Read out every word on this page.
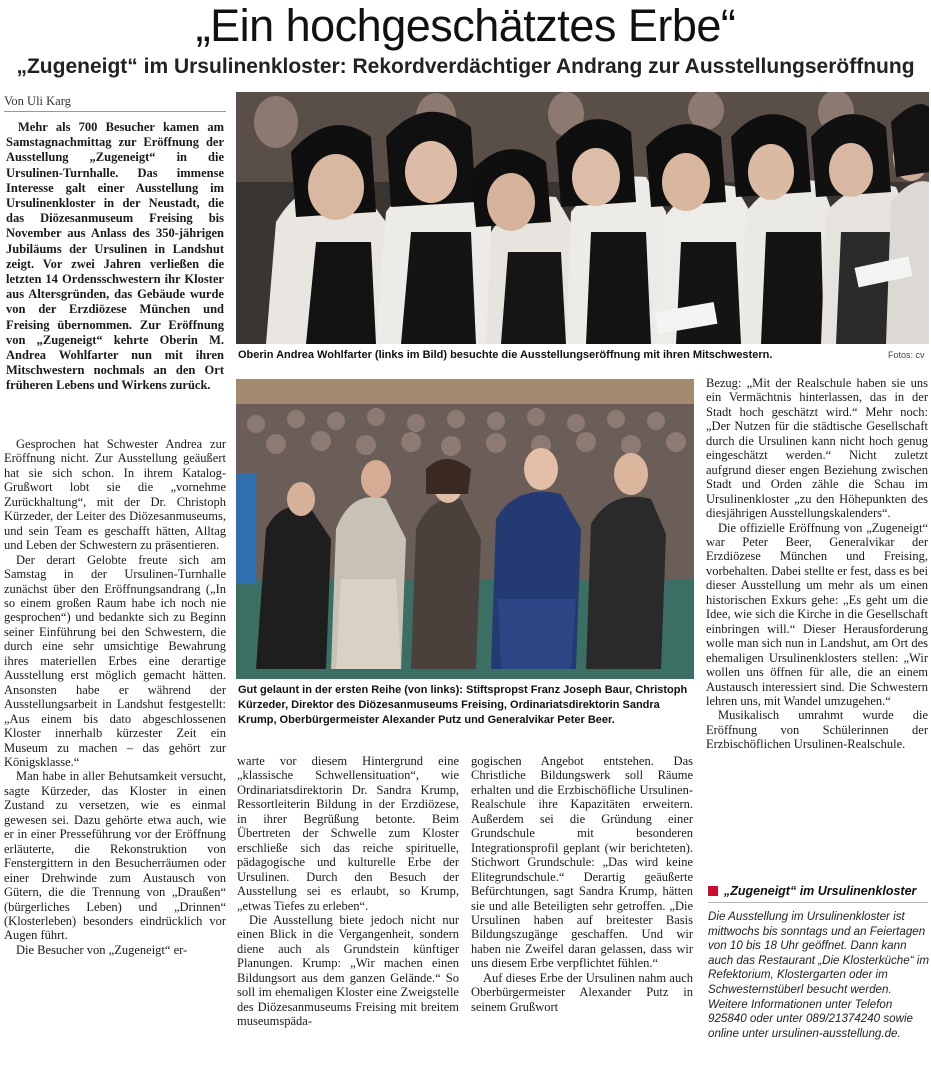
„Ein hochgeschätztes Erbe“
„Zugeneigt“ im Ursulinenkloster: Rekordverdächtiger Andrang zur Ausstellungseröffnung
Von Uli Karg
Mehr als 700 Besucher kamen am Samstagnachmittag zur Eröffnung der Ausstellung „Zugeneigt“ in die Ursulinen-Turnhalle. Das immense Interesse galt einer Ausstellung im Ursulinenkloster in der Neustadt, die das Diözesanmuseum Freising bis November aus Anlass des 350-jährigen Jubiläums der Ursulinen in Landshut zeigt. Vor zwei Jahren verließen die letzten 14 Ordensschwestern ihr Kloster aus Altersgründen, das Gebäude wurde von der Erzdiözese München und Freising übernommen. Zur Eröffnung von „Zugeneigt“ kehrte Oberin M. Andrea Wohlfarter nun mit ihren Mitschwestern nochmals an den Ort früheren Lebens und Wirkens zurück.
Oberin Andrea Wohlfarter (links im Bild) besuchte die Ausstellungseröffnung mit ihren Mitschwestern.	Fotos: cv
Gut gelaunt in der ersten Reihe (von links): Stiftspropst Franz Joseph Baur, Christoph Kürzeder, Direktor des Diözesanmuseums Freising, Ordinariatsdirektorin Sandra Krump, Oberbürgermeister Alexander Putz und Generalvikar Peter Beer.

Gesprochen hat Schwester Andrea zur Eröffnung nicht. Zur Ausstellung geäußert hat sie sich schon. In ihrem Katalog-Grußwort lobt sie die „vornehme Zurückhaltung“, mit der Dr. Christoph Kürzeder, der Leiter des Diözesanmuseums, und sein Team es geschafft hätten, Alltag und Leben der Schwestern zu präsentieren.

Der derart Gelobte freute sich am Samstag in der Ursulinen-Turnhalle zunächst über den Eröffnungsandrang („In so einem großen Raum habe ich noch nie gesprochen“) und bedankte sich zu Beginn seiner Einführung bei den Schwestern, die durch eine sehr umsichtige Bewahrung ihres materiellen Erbes eine derartige Ausstellung erst möglich gemacht hätten. Ansonsten habe er während der Ausstellungsarbeit in Landshut festgestellt: „Aus einem bis dato abgeschlossenen Kloster innerhalb kürzester Zeit ein Museum zu machen – das gehört zur Königsklasse.“

Man habe in aller Behutsamkeit versucht, sagte Kürzeder, das Kloster in einen Zustand zu versetzen, wie es einmal gewesen sei. Dazu gehörte etwa auch, wie er in einer Presseführung vor der Eröffnung erläuterte, die Rekonstruktion von Fenstergittern in den Besucherräumen oder einer Drehwinde zum Austausch von Gütern, die die Trennung von „Draußen“ (bürgerliches Leben) und „Drinnen“ (Klosterleben) besonders eindrücklich vor Augen führt.

Die Besucher von „Zugeneigt“ er-

warte vor diesem Hintergrund eine „klassische Schwellensituation“, wie Ordinariatsdirektorin Dr. Sandra Krump, Ressortleiterin Bildung in der Erzdiözese, in ihrer Begrüßung betonte. Beim Übertreten der Schwelle zum Kloster erschließe sich das reiche spirituelle, pädagogische und kulturelle Erbe der Ursulinen. Durch den Besuch der Ausstellung sei es erlaubt, so Krump, „etwas Tiefes zu erleben“.

Die Ausstellung biete jedoch nicht nur einen Blick in die Vergangenheit, sondern diene auch als Grundstein künftiger Planungen. Krump: „Wir machen einen Bildungsort aus dem ganzen Gelände.“ So soll im ehemaligen Kloster eine Zweigstelle des Diözesanmuseums Freising mit breitem museumspäda-

gogischen Angebot entstehen. Das Christliche Bildungswerk soll Räume erhalten und die Erzbischöfliche Ursulinen-Realschule ihre Kapazitäten erweitern. Außerdem sei die Gründung einer Grundschule mit besonderen Integrationsprofil geplant (wir berichteten). Stichwort Grundschule: „Das wird keine Elitegrundschule.“ Derartig geäußerte Befürchtungen, sagt Sandra Krump, hätten sie und alle Beteiligten sehr getroffen. „Die Ursulinen haben auf breitester Basis Bildungszugänge geschaffen. Und wir haben nie Zweifel daran gelassen, dass wir uns diesem Erbe verpflichtet fühlen.“

Auf dieses Erbe der Ursulinen nahm auch Oberbürgermeister Alexander Putz in seinem Grußwort

Bezug: „Mit der Realschule haben sie uns ein Vermächtnis hinterlassen, das in der Stadt hoch geschätzt wird.“ Mehr noch: „Der Nutzen für die städtische Gesellschaft durch die Ursulinen kann nicht hoch genug eingeschätzt werden.“ Nicht zuletzt aufgrund dieser engen Beziehung zwischen Stadt und Orden zähle die Schau im Ursulinenkloster „zu den Höhepunkten des diesjährigen Ausstellungskalenders“.

Die offizielle Eröffnung von „Zugeneigt“ war Peter Beer, Generalvikar der Erzdiözese München und Freising, vorbehalten. Dabei stellte er fest, dass es bei dieser Ausstellung um mehr als um einen historischen Exkurs gehe: „Es geht um die Idee, wie sich die Kirche in die Gesellschaft einbringen will.“ Dieser Herausforderung wolle man sich nun in Landshut, am Ort des ehemaligen Ursulinenklosters stellen: „Wir wollen uns öffnen für alle, die an einem Austausch interessiert sind. Die Schwestern lehren uns, mit Wandel umzugehen.“

Musikalisch umrahmt wurde die Eröffnung von Schülerinnen der Erzbischöflichen Ursulinen-Realschule.

„Zugeneigt“ im Ursulinenkloster
Die Ausstellung im Ursulinenkloster ist mittwochs bis sonntags und an Feiertagen von 10 bis 18 Uhr geöffnet. Dann kann auch das Restaurant „Die Klosterküche“ im Refektorium, Klostergarten oder im Schwesternstüberl besucht werden. Weitere Informationen unter Telefon 925840 oder unter 089/21374240 sowie online unter ursulinen-ausstellung.de.
